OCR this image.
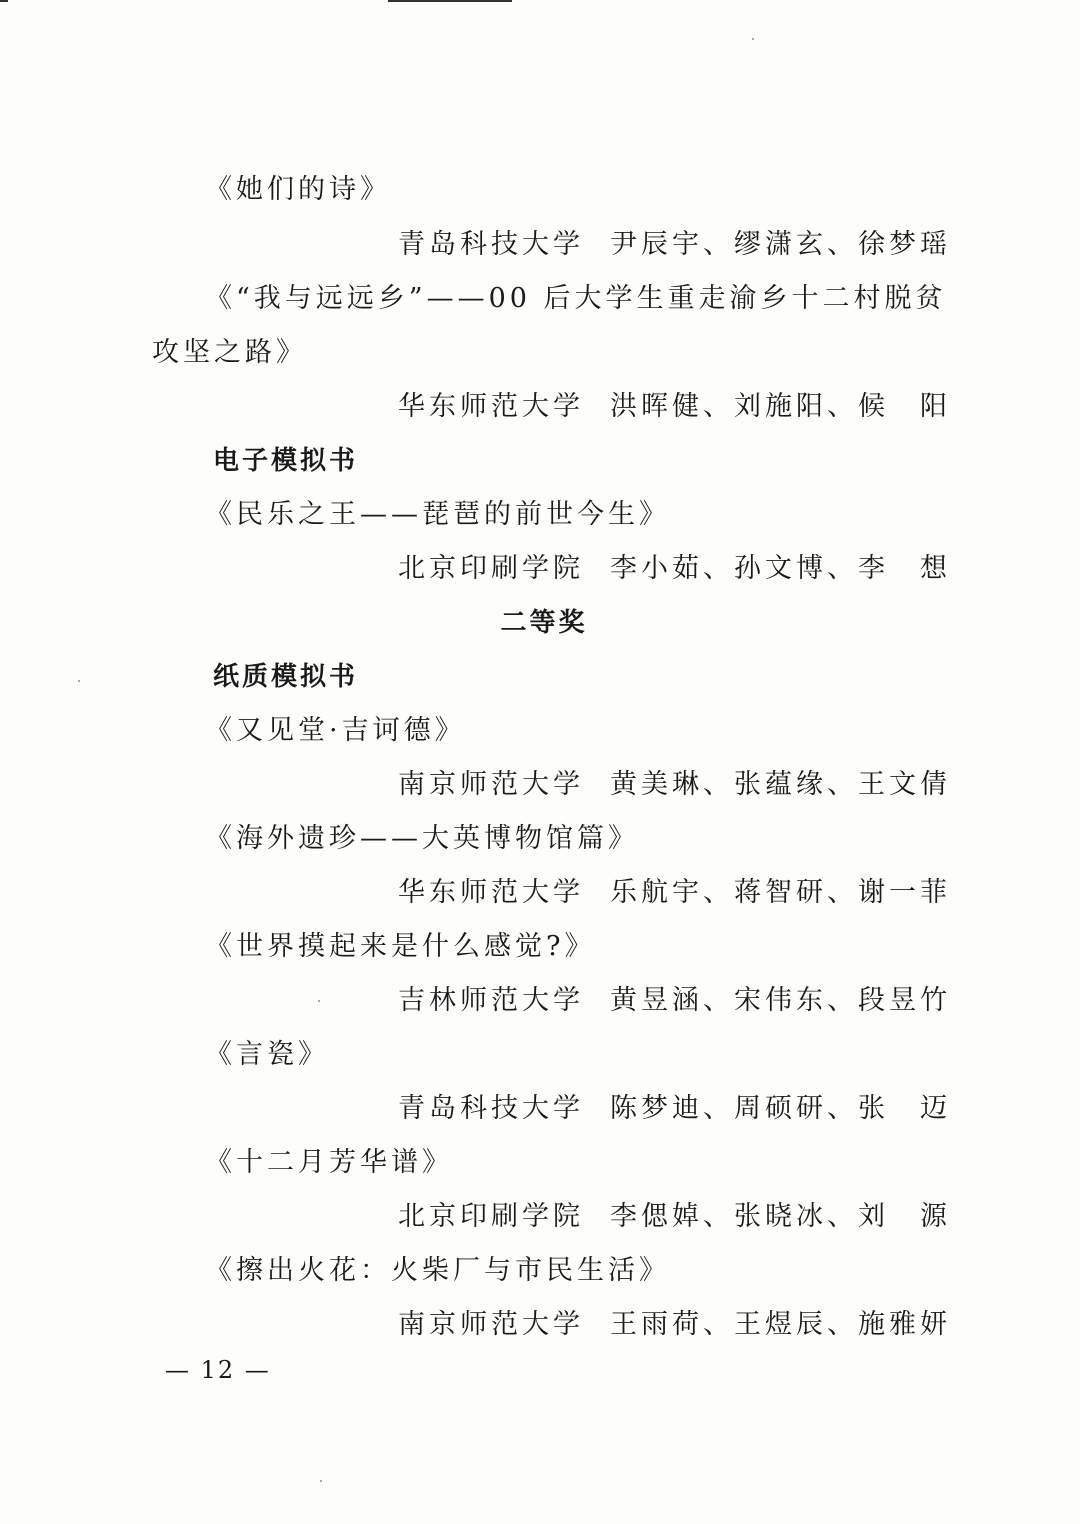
《她们的诗》
青岛科技大学 尹辰宇、缪潇玄、徐梦瑶
《“我与远远乡”——00 后大学生重走渝乡十二村脱贫
攻坚之路》
华东师范大学 洪晖健、刘施阳、候　阳
电子模拟书
《民乐之王——琵琶的前世今生》
北京印刷学院 李小茹、孙文博、李　想
二等奖
纸质模拟书
《又见堂·吉诃德》
南京师范大学 黄美琳、张蕴缘、王文倩
《海外遗珍——大英博物馆篇》
华东师范大学 乐航宇、蒋智研、谢一菲
《世界摸起来是什么感觉?》
吉林师范大学 黄昱涵、宋伟东、段昱竹
《言瓷》
青岛科技大学 陈梦迪、周硕研、张　迈
《十二月芳华谱》
北京印刷学院 李偲婥、张晓冰、刘　源
《擦出火花：火柴厂与市民生活》
南京师范大学 王雨荷、王煜辰、施雅妍
— 12 —
